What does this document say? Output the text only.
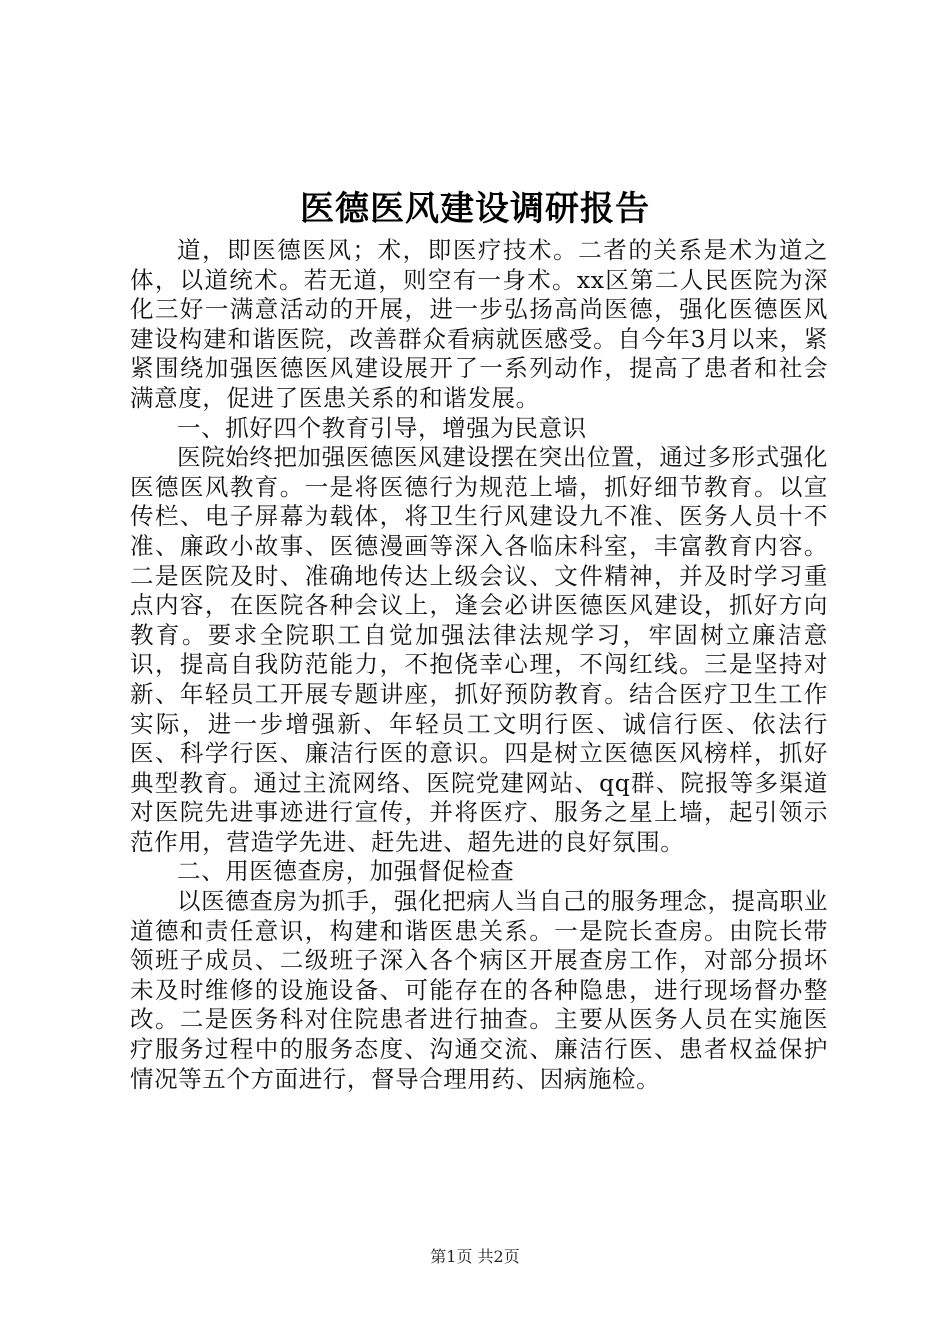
医德医风建设调研报告

道，即医德医风；术，即医疗技术。二者的关系是术为道之体，以道统术。若无道，则空有一身术。xx区第二人民医院为深化三好一满意活动的开展，进一步弘扬高尚医德，强化医德医风建设构建和谐医院，改善群众看病就医感受。自今年3月以来，紧紧围绕加强医德医风建设展开了一系列动作，提高了患者和社会满意度，促进了医患关系的和谐发展。

一、抓好四个教育引导，增强为民意识

医院始终把加强医德医风建设摆在突出位置，通过多形式强化医德医风教育。一是将医德行为规范上墙，抓好细节教育。以宣传栏、电子屏幕为载体，将卫生行风建设九不准、医务人员十不准、廉政小故事、医德漫画等深入各临床科室，丰富教育内容。二是医院及时、准确地传达上级会议、文件精神，并及时学习重点内容，在医院各种会议上，逢会必讲医德医风建设，抓好方向教育。要求全院职工自觉加强法律法规学习，牢固树立廉洁意识，提高自我防范能力，不抱侥幸心理，不闯红线。三是坚持对新、年轻员工开展专题讲座，抓好预防教育。结合医疗卫生工作实际，进一步增强新、年轻员工文明行医、诚信行医、依法行医、科学行医、廉洁行医的意识。四是树立医德医风榜样，抓好典型教育。通过主流网络、医院党建网站、qq群、院报等多渠道对医院先进事迹进行宣传，并将医疗、服务之星上墙，起引领示范作用，营造学先进、赶先进、超先进的良好氛围。

二、用医德查房，加强督促检查

以医德查房为抓手，强化把病人当自己的服务理念，提高职业道德和责任意识，构建和谐医患关系。一是院长查房。由院长带领班子成员、二级班子深入各个病区开展查房工作，对部分损坏未及时维修的设施设备、可能存在的各种隐患，进行现场督办整改。二是医务科对住院患者进行抽查。主要从医务人员在实施医疗服务过程中的服务态度、沟通交流、廉洁行医、患者权益保护情况等五个方面进行，督导合理用药、因病施检。

第1页 共2页
